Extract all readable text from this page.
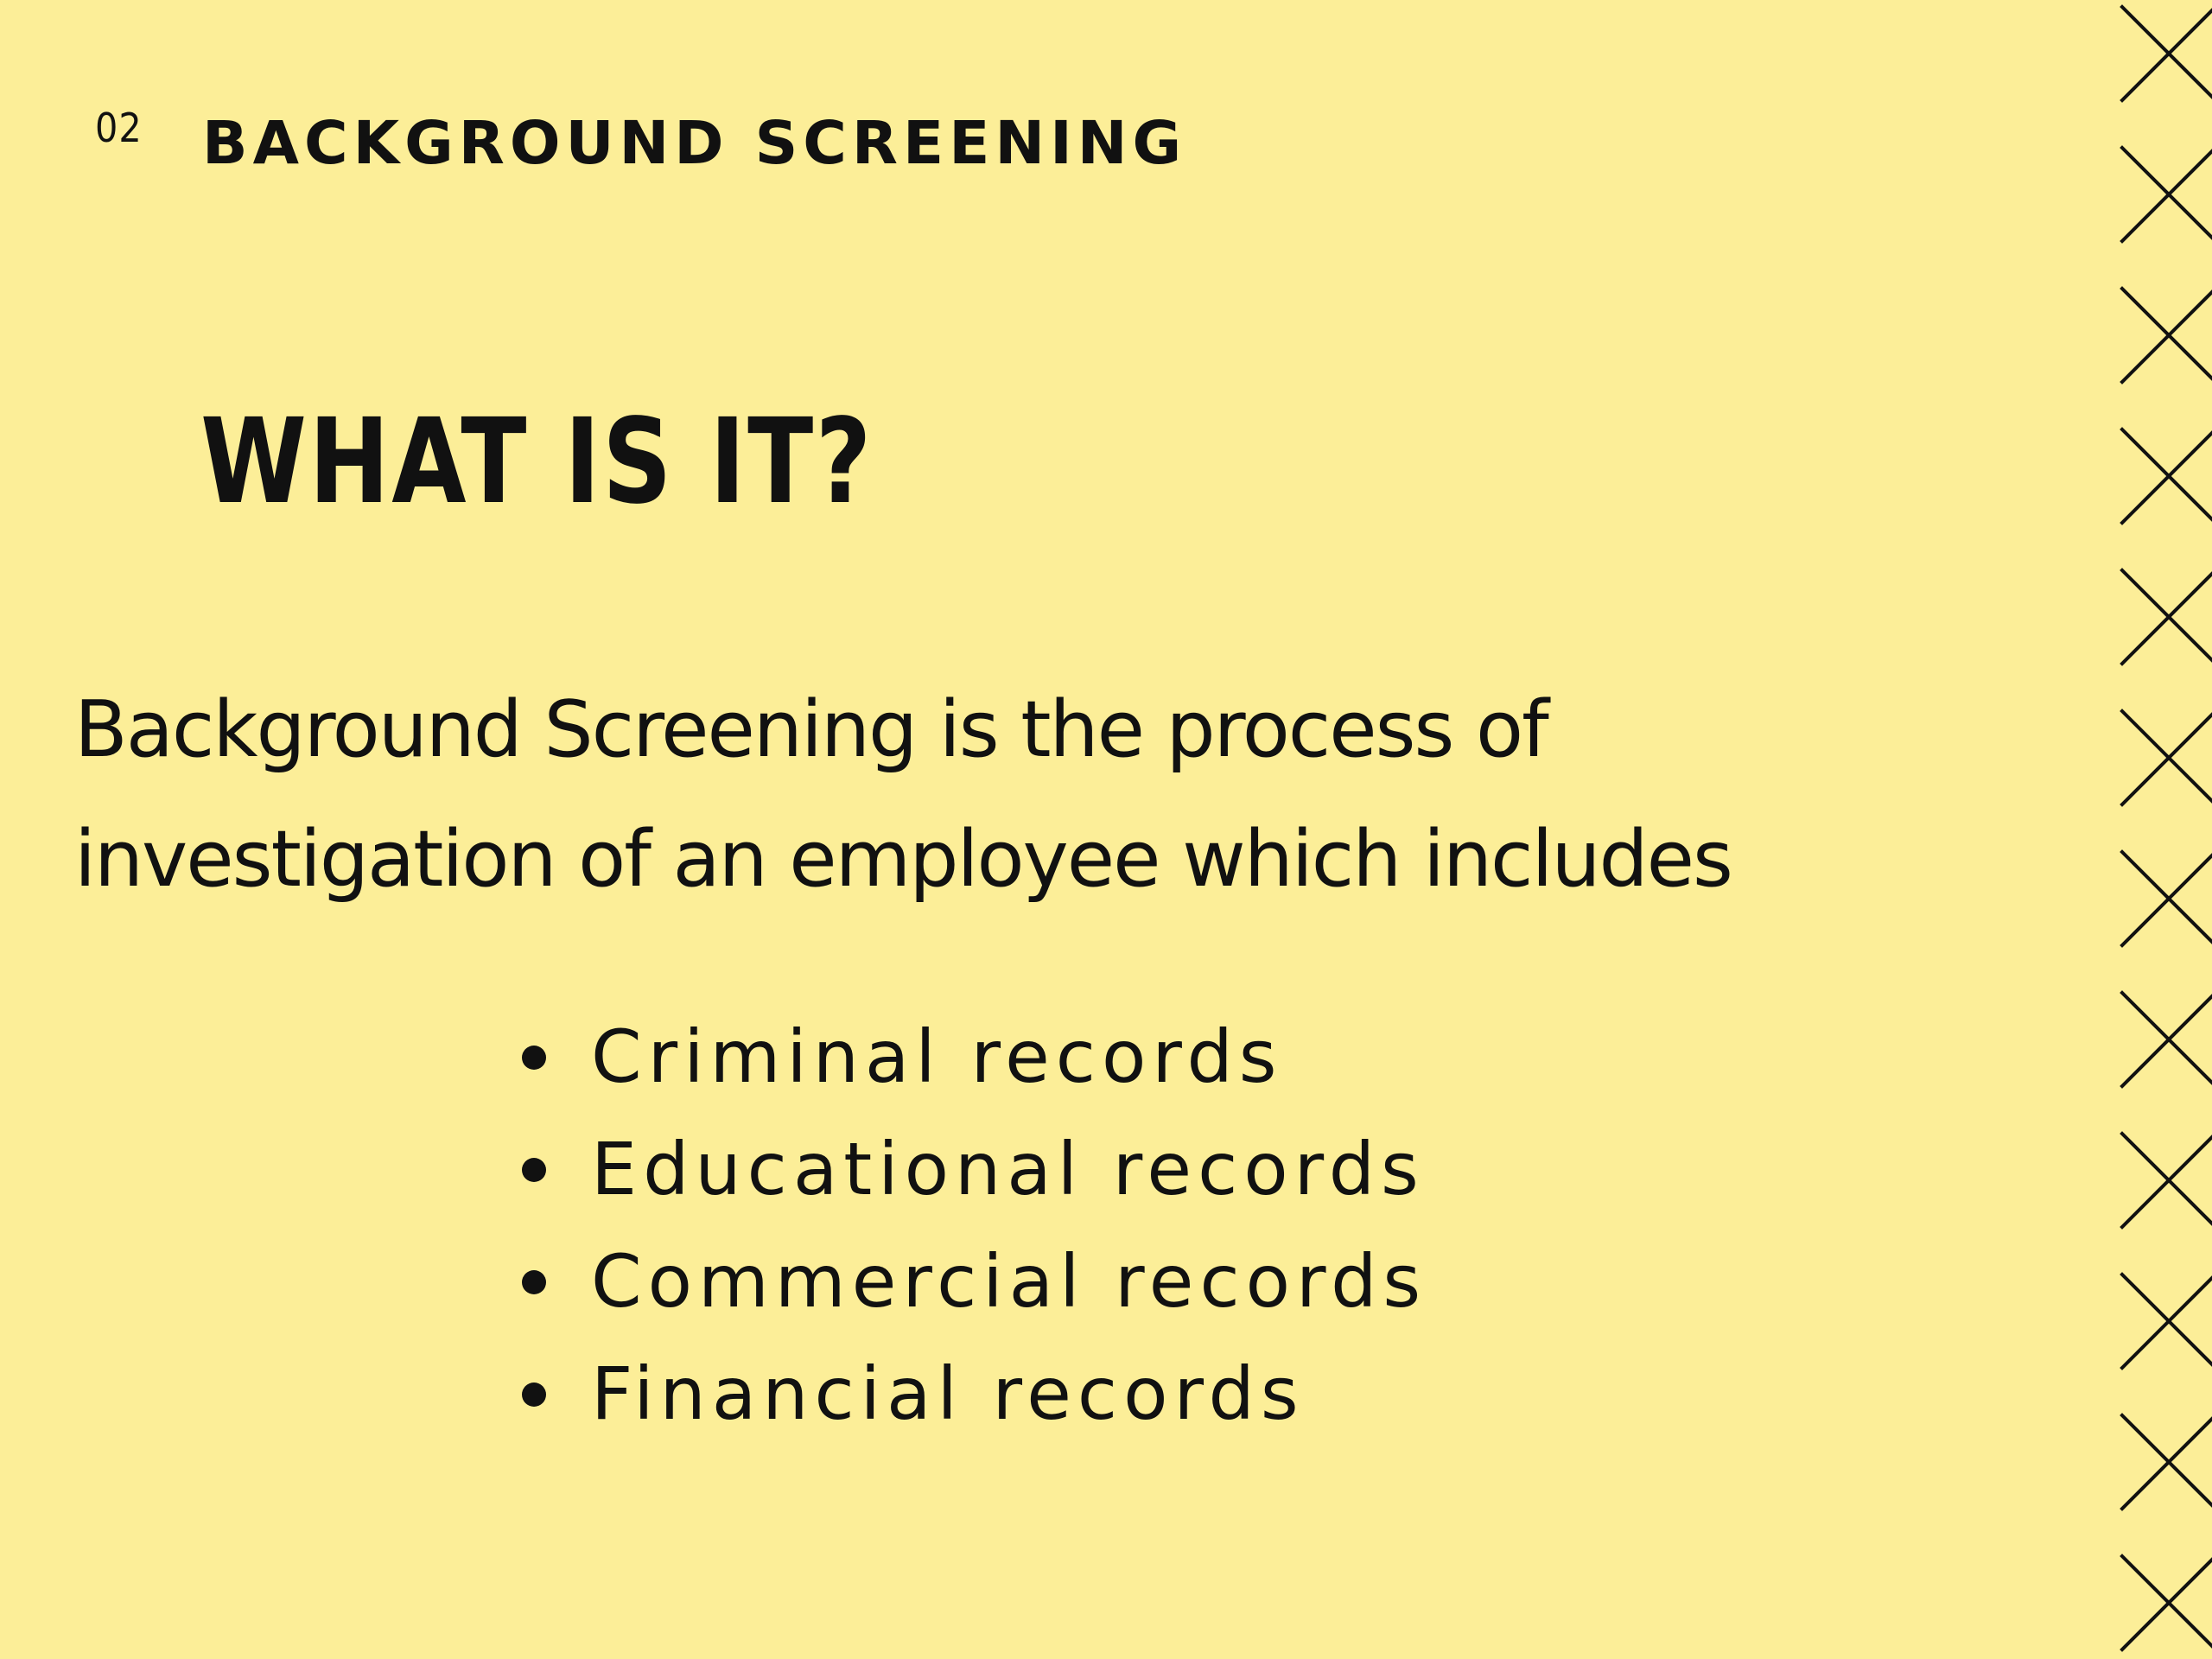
02 BACKGROUND SCREENING
WHAT IS IT?
Background Screening is the process of
investigation of an employee which includes
Criminal records
Educational records
Commercial records
Financial records
